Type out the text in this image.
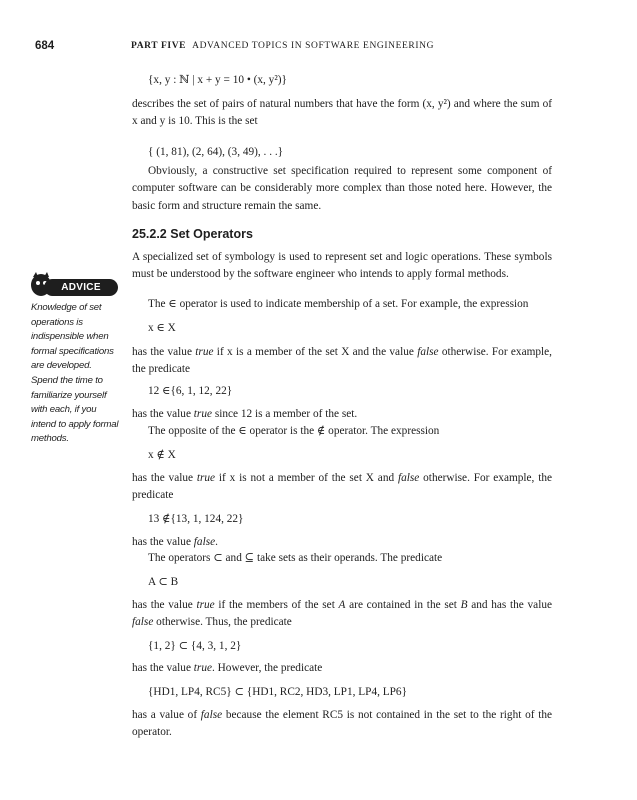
684	PART FIVE ADVANCED TOPICS IN SOFTWARE ENGINEERING
{x, y : ℕ | x + y = 10 • (x, y²)}

describes the set of pairs of natural numbers that have the form (x, y²) and where the sum of x and y is 10. This is the set

{ (1, 81), (2, 64), (3, 49), . . .}

Obviously, a constructive set specification required to represent some component of computer software can be considerably more complex than those noted here. However, the basic form and structure remain the same.

25.2.2 Set Operators

A specialized set of symbology is used to represent set and logic operations. These symbols must be understood by the software engineer who intends to apply formal methods.

ADVICE
Knowledge of set operations is indispensible when formal specifications are developed. Spend the time to familiarize yourself with each, if you intend to apply formal methods.

The ∈ operator is used to indicate membership of a set. For example, the expression

x ∈ X

has the value true if x is a member of the set X and the value false otherwise. For example, the predicate

12 ∈{6, 1, 12, 22}

has the value true since 12 is a member of the set.

The opposite of the ∈ operator is the ∉ operator. The expression

x ∉ X

has the value true if x is not a member of the set X and false otherwise. For example, the predicate

13 ∉{13, 1, 124, 22}

has the value false.

The operators ⊂ and ⊆ take sets as their operands. The predicate

A ⊂ B

has the value true if the members of the set A are contained in the set B and has the value false otherwise. Thus, the predicate

{1, 2} ⊂ {4, 3, 1, 2}

has the value true. However, the predicate

{HD1, LP4, RC5} ⊂ {HD1, RC2, HD3, LP1, LP4, LP6}

has a value of false because the element RC5 is not contained in the set to the right of the operator.
